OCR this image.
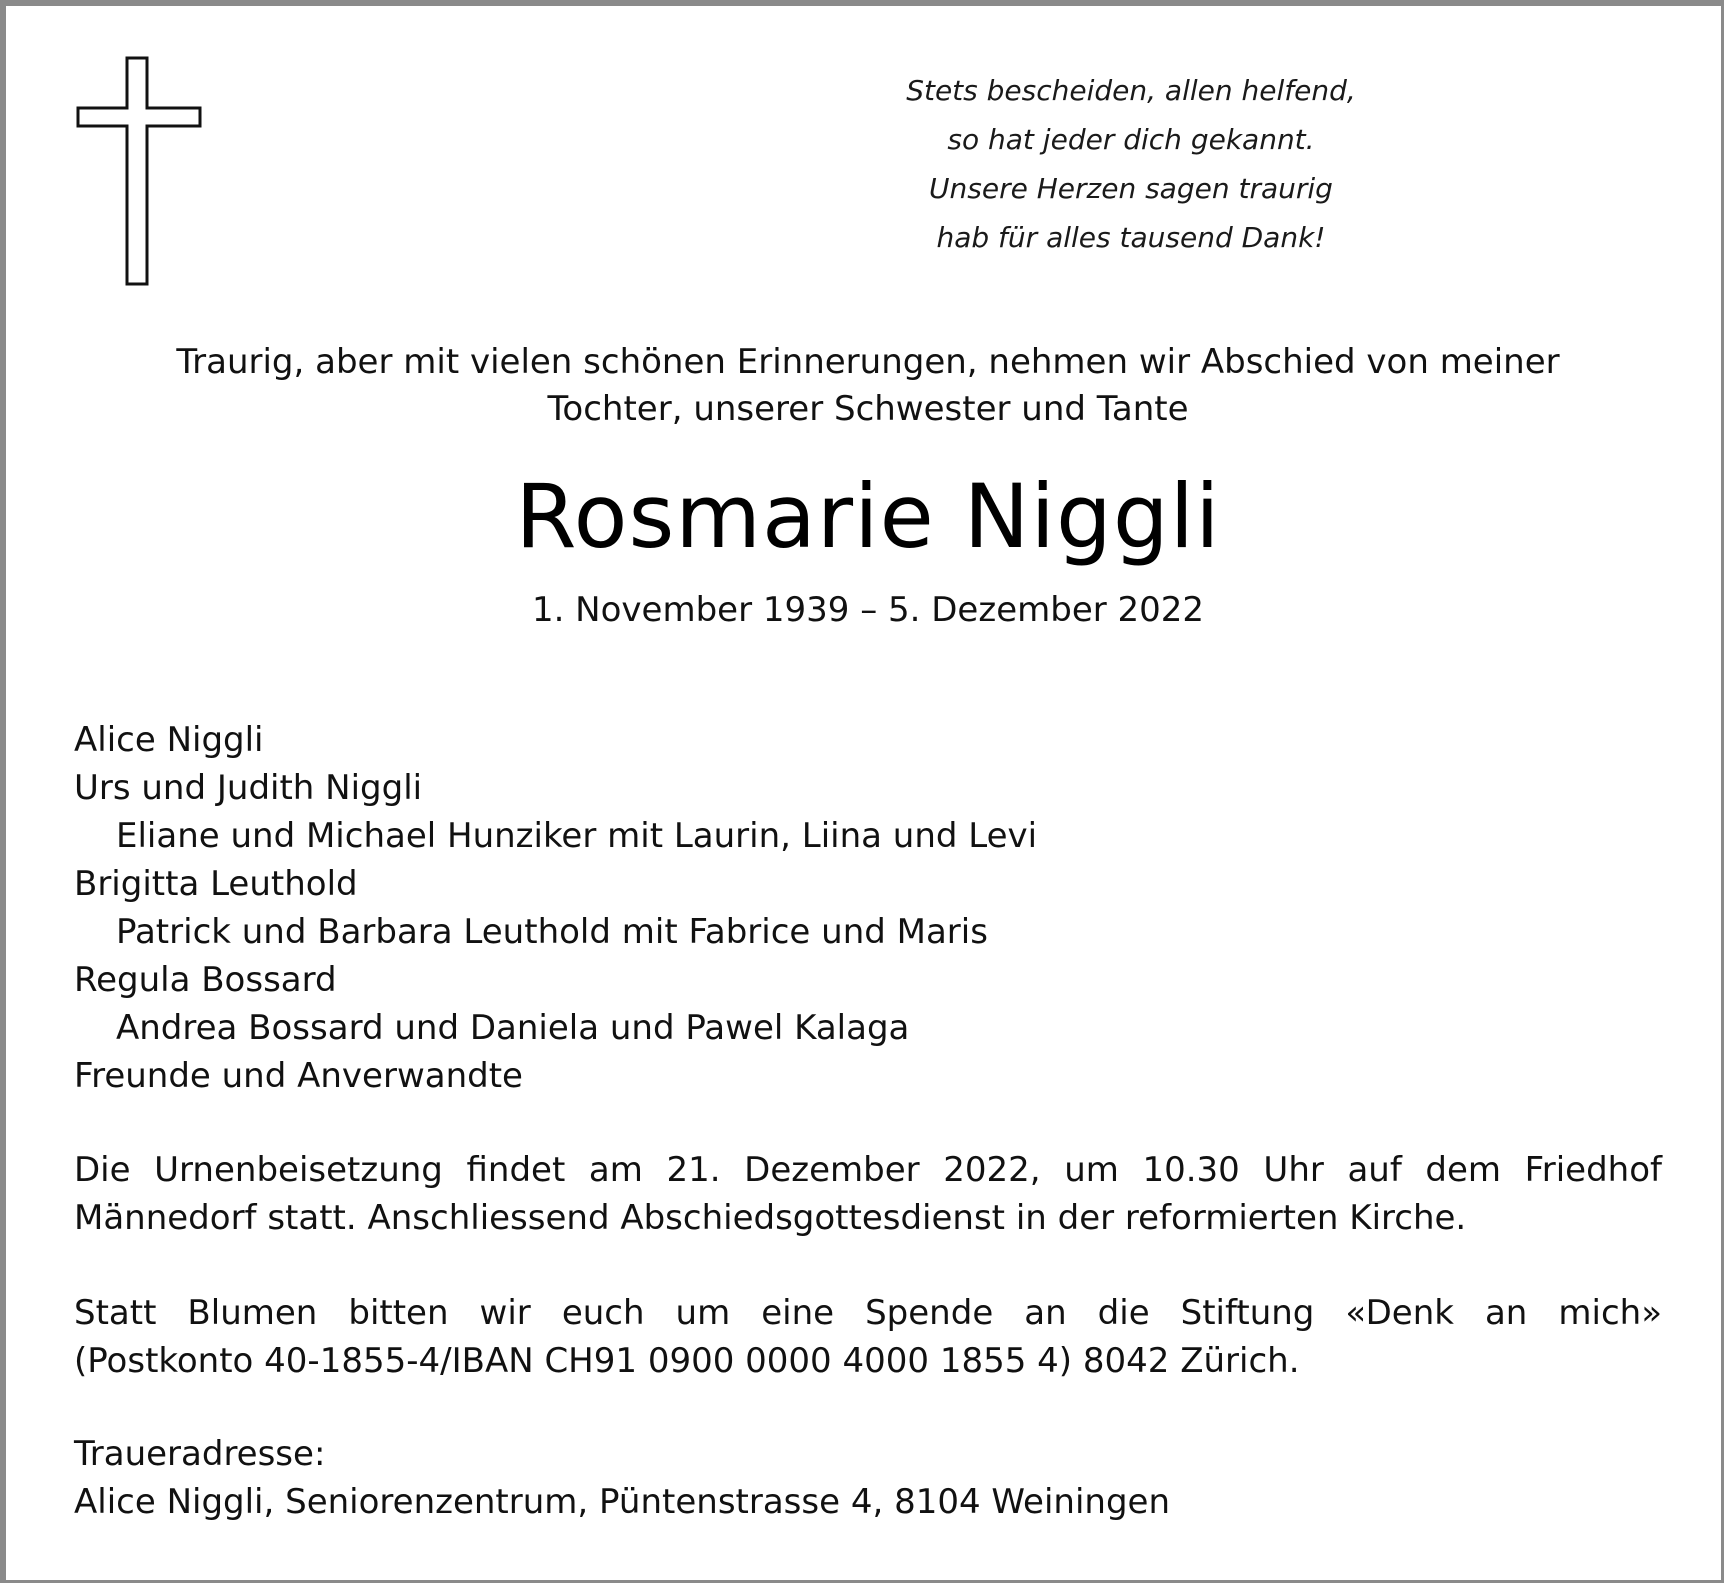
Stets bescheiden, allen helfend,
so hat jeder dich gekannt.
Unsere Herzen sagen traurig
hab für alles tausend Dank!
Traurig, aber mit vielen schönen Erinnerungen, nehmen wir Abschied von meiner
Tochter, unserer Schwester und Tante
Rosmarie Niggli
1. November 1939 – 5. Dezember 2022
Alice Niggli
Urs und Judith Niggli
Eliane und Michael Hunziker mit Laurin, Liina und Levi
Brigitta Leuthold
Patrick und Barbara Leuthold mit Fabrice und Maris
Regula Bossard
Andrea Bossard und Daniela und Pawel Kalaga
Freunde und Anverwandte
Die Urnenbeisetzung findet am 21. Dezember 2022, um 10.30 Uhr auf dem Friedhof
Männedorf statt. Anschliessend Abschiedsgottesdienst in der reformierten Kirche.
Statt Blumen bitten wir euch um eine Spende an die Stiftung «Denk an mich»
(Postkonto 40-1855-4/IBAN CH91 0900 0000 4000 1855 4) 8042 Zürich.
Traueradresse:
Alice Niggli, Seniorenzentrum, Püntenstrasse 4, 8104 Weiningen
